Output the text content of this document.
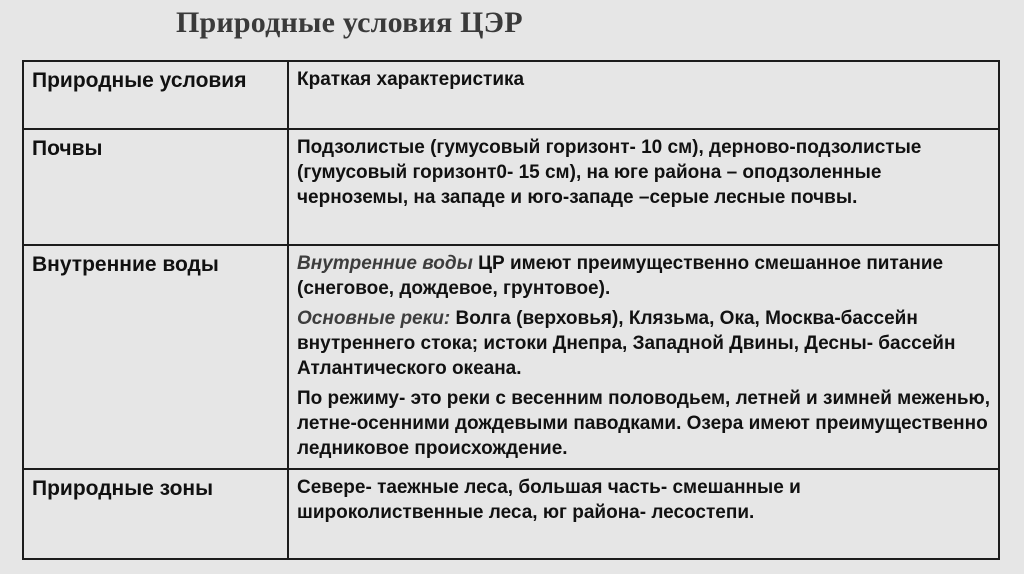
Природные условия ЦЭР
Природные условия	Краткая характеристика
Почвы	Подзолистые (гумусовый горизонт- 10 см), дерново-подзолистые (гумусовый горизонт0- 15 см), на юге района – оподзоленные черноземы, на западе и юго-западе –серые лесные почвы.
Внутренние воды	Внутренние воды ЦР имеют преимущественно смешанное питание (снеговое, дождевое, грунтовое).

Основные реки: Волга (верховья), Клязьма, Ока, Москва-бассейн внутреннего стока; истоки Днепра, Западной Двины, Десны- бассейн Атлантического океана.

По режиму- это реки с весенним половодьем, летней и зимней меженью, летне-осенними дождевыми паводками. Озера имеют преимущественно ледниковое происхождение.

Природные зоны	Севере- таежные леса, большая часть- смешанные и широколиственные леса, юг района- лесостепи.
